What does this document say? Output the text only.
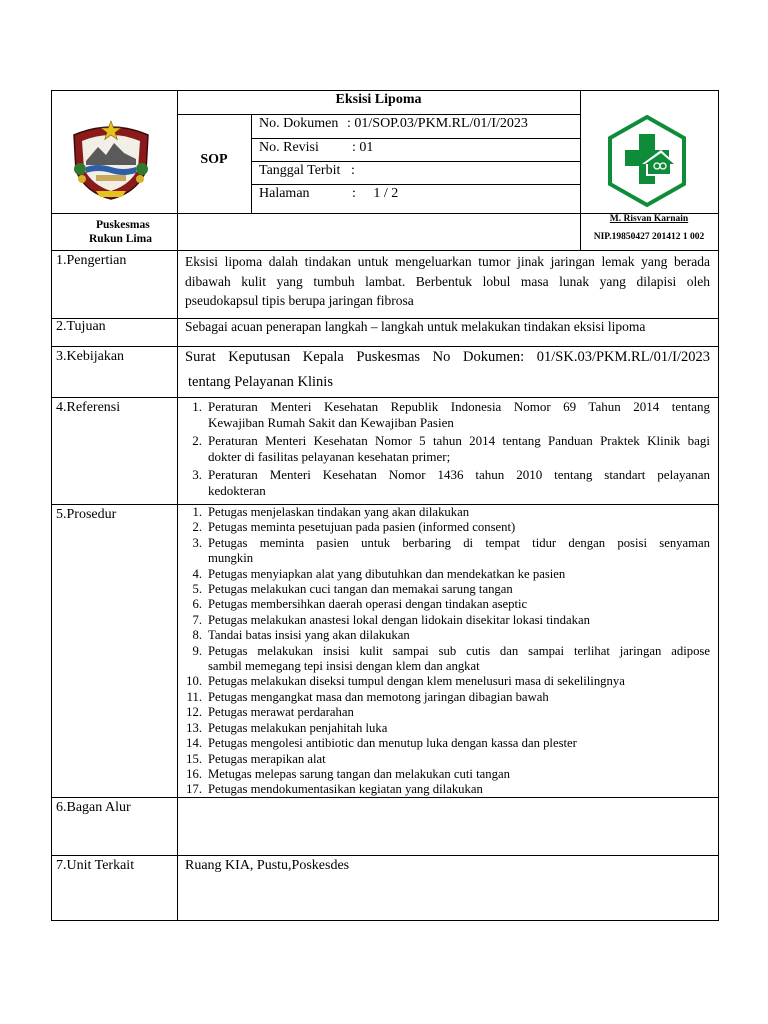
Eksisi Lipoma
SOP
No. Dokumen : 01/SOP.03/PKM.RL/01/I/2023
No. Revisi : 01
Tanggal Terbit :
Halaman	:     1 / 2
Puskesmas
Rukun Lima
M. Risvan Karnain
NIP.19850427 201412 1 002
1.Pengertian	Eksisi lipoma dalah tindakan untuk mengeluarkan tumor jinak jaringan lemak yang berada
dibawah kulit yang tumbuh lambat. Berbentuk lobul masa lunak yang dilapisi oleh
pseudokapsul tipis berupa jaringan fibrosa
2.Tujuan	Sebagai acuan penerapan langkah – langkah untuk melakukan tindakan eksisi lipoma
3.Kebijakan	Surat Keputusan Kepala Puskesmas No Dokumen: 01/SK.03/PKM.RL/01/I/2023
tentang Pelayanan Klinis
4.Referensi	1. Peraturan Menteri Kesehatan Republik Indonesia Nomor 69 Tahun 2014 tentang
Kewajiban Rumah Sakit dan Kewajiban Pasien
2. Peraturan Menteri Kesehatan Nomor 5 tahun 2014 tentang Panduan Praktek Klinik bagi
dokter di fasilitas pelayanan kesehatan primer;
3. Peraturan Menteri Kesehatan Nomor 1436 tahun 2010 tentang standart pelayanan
kedokteran
5.Prosedur	1. Petugas menjelaskan tindakan yang akan dilakukan
2. Petugas meminta pesetujuan pada pasien (informed consent)
3. Petugas meminta pasien untuk berbaring di tempat tidur dengan posisi senyaman
mungkin
4. Petugas menyiapkan alat yang dibutuhkan dan mendekatkan ke pasien
5. Petugas melakukan cuci tangan dan memakai sarung tangan
6. Petugas membersihkan daerah operasi dengan tindakan aseptic
7. Petugas melakukan anastesi lokal dengan lidokain disekitar lokasi tindakan
8. Tandai batas insisi yang akan dilakukan
9. Petugas melakukan insisi kulit sampai sub cutis dan sampai terlihat jaringan adipose
sambil memegang tepi insisi dengan klem dan angkat
10. Petugas melakukan diseksi tumpul dengan klem menelusuri masa di sekelilingnya
11. Petugas mengangkat masa dan memotong jaringan dibagian bawah
12. Petugas merawat perdarahan
13. Petugas melakukan penjahitah luka
14. Petugas mengolesi antibiotic dan menutup luka dengan kassa dan plester
15. Petugas merapikan alat
16. Metugas melepas sarung tangan dan melakukan cuti tangan
17. Petugas mendokumentasikan kegiatan yang dilakukan
6.Bagan Alur
7.Unit Terkait	Ruang KIA, Pustu,Poskesdes
